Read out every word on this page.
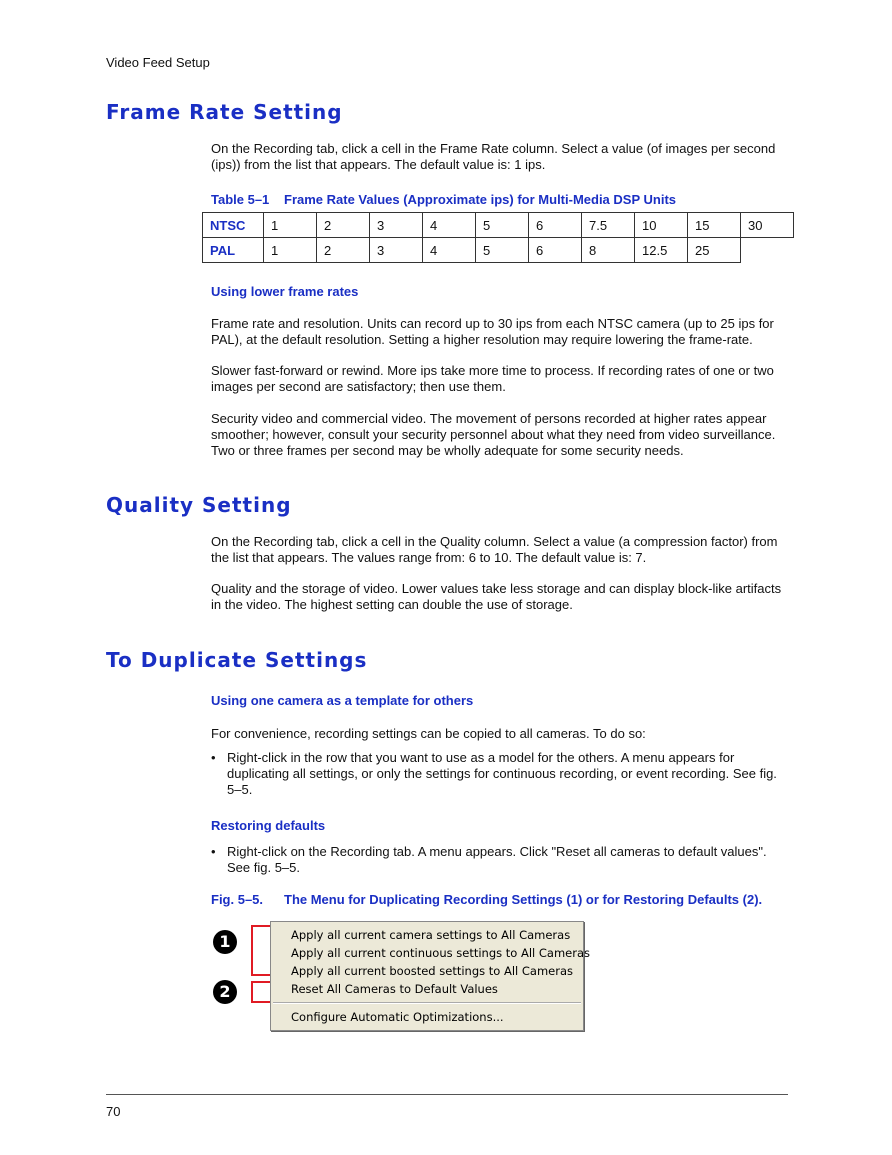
Video Feed Setup
Frame Rate Setting

On the Recording tab, click a cell in the Frame Rate column. Select a value (of images per second (ips)) from the list that appears. The default value is: 1 ips.

Table 5–1 Frame Rate Values (Approximate ips) for Multi-Media DSP Units

NTSC	1	2	3	4	5	6	7.5	10	15	30
PAL	1	2	3	4	5	6	8	12.5	25	

Using lower frame rates

Frame rate and resolution. Units can record up to 30 ips from each NTSC camera (up to 25 ips for PAL), at the default resolution. Setting a higher resolution may require lowering the frame-rate.

Slower fast-forward or rewind. More ips take more time to process. If recording rates of one or two images per second are satisfactory; then use them.

Security video and commercial video. The movement of persons recorded at higher rates appear smoother; however, consult your security personnel about what they need from video surveillance. Two or three frames per second may be wholly adequate for some security needs.

Quality Setting

On the Recording tab, click a cell in the Quality column. Select a value (a compression factor) from the list that appears. The values range from: 6 to 10. The default value is: 7.

Quality and the storage of video. Lower values take less storage and can display block-like artifacts in the video. The highest setting can double the use of storage.

To Duplicate Settings

Using one camera as a template for others

For convenience, recording settings can be copied to all cameras. To do so:

• Right-click in the row that you want to use as a model for the others. A menu appears for duplicating all settings, or only the settings for continuous recording, or event recording. See fig. 5–5.

Restoring defaults

• Right-click on the Recording tab. A menu appears. Click "Reset all cameras to default values". See fig. 5–5.

Fig. 5–5. The Menu for Duplicating Recording Settings (1) or for Restoring Defaults (2).

1
2
Apply all current camera settings to All Cameras
Apply all current continuous settings to All Cameras
Apply all current boosted settings to All Cameras
Reset All Cameras to Default Values
Configure Automatic Optimizations...
70
